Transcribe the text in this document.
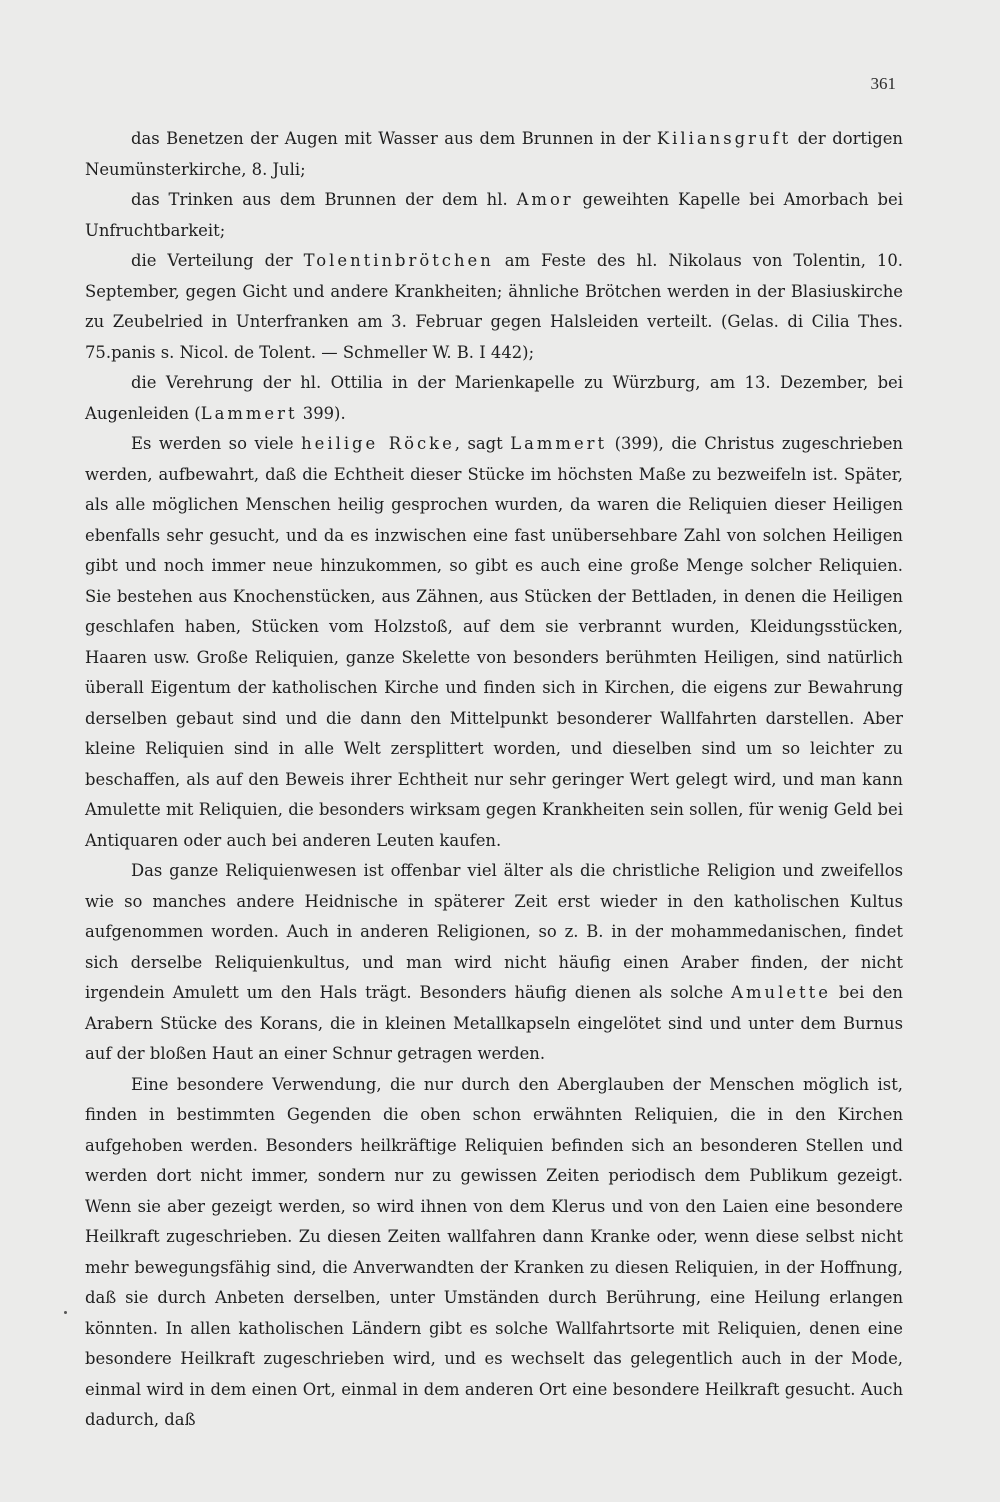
361

das Benetzen der Augen mit Wasser aus dem Brunnen in der Kiliansgruft der dortigen Neumünsterkirche, 8. Juli;

das Trinken aus dem Brunnen der dem hl. Amor geweihten Kapelle bei Amorbach bei Unfruchtbarkeit;

die Verteilung der Tolentinbrötchen am Feste des hl. Nikolaus von Tolentin, 10. September, gegen Gicht und andere Krankheiten; ähnliche Brötchen werden in der Blasiuskirche zu Zeubelried in Unterfranken am 3. Februar gegen Halsleiden verteilt. (Gelas. di Cilia Thes. 75.panis s. Nicol. de Tolent. — Schmeller W. B. I 442);

die Verehrung der hl. Ottilia in der Marienkapelle zu Würzburg, am 13. Dezember, bei Augenleiden (Lammert 399).

Es werden so viele heilige Röcke, sagt Lammert (399), die Christus zugeschrieben werden, aufbewahrt, daß die Echtheit dieser Stücke im höchsten Maße zu bezweifeln ist. Später, als alle möglichen Menschen heilig gesprochen wurden, da waren die Reliquien dieser Heiligen ebenfalls sehr gesucht, und da es inzwischen eine fast unübersehbare Zahl von solchen Heiligen gibt und noch immer neue hinzukommen, so gibt es auch eine große Menge solcher Reliquien. Sie bestehen aus Knochenstücken, aus Zähnen, aus Stücken der Bettladen, in denen die Heiligen geschlafen haben, Stücken vom Holzstoß, auf dem sie verbrannt wurden, Kleidungsstücken, Haaren usw. Große Reliquien, ganze Skelette von besonders berühmten Heiligen, sind natürlich überall Eigentum der katholischen Kirche und finden sich in Kirchen, die eigens zur Bewahrung derselben gebaut sind und die dann den Mittelpunkt besonderer Wallfahrten darstellen. Aber kleine Reliquien sind in alle Welt zersplittert worden, und dieselben sind um so leichter zu beschaffen, als auf den Beweis ihrer Echtheit nur sehr geringer Wert gelegt wird, und man kann Amulette mit Reliquien, die besonders wirksam gegen Krankheiten sein sollen, für wenig Geld bei Antiquaren oder auch bei anderen Leuten kaufen.

Das ganze Reliquienwesen ist offenbar viel älter als die christliche Religion und zweifellos wie so manches andere Heidnische in späterer Zeit erst wieder in den katholischen Kultus aufgenommen worden. Auch in anderen Religionen, so z. B. in der mohammedanischen, findet sich derselbe Reliquienkultus, und man wird nicht häufig einen Araber finden, der nicht irgendein Amulett um den Hals trägt. Besonders häufig dienen als solche Amulette bei den Arabern Stücke des Korans, die in kleinen Metallkapseln eingelötet sind und unter dem Burnus auf der bloßen Haut an einer Schnur getragen werden.

Eine besondere Verwendung, die nur durch den Aberglauben der Menschen möglich ist, finden in bestimmten Gegenden die oben schon erwähnten Reliquien, die in den Kirchen aufgehoben werden. Besonders heilkräftige Reliquien befinden sich an besonderen Stellen und werden dort nicht immer, sondern nur zu gewissen Zeiten periodisch dem Publikum gezeigt. Wenn sie aber gezeigt werden, so wird ihnen von dem Klerus und von den Laien eine besondere Heilkraft zugeschrieben. Zu diesen Zeiten wallfahren dann Kranke oder, wenn diese selbst nicht mehr bewegungsfähig sind, die Anverwandten der Kranken zu diesen Reliquien, in der Hoffnung, daß sie durch Anbeten derselben, unter Umständen durch Berührung, eine Heilung erlangen könnten. In allen katholischen Ländern gibt es solche Wallfahrtsorte mit Reliquien, denen eine besondere Heilkraft zugeschrieben wird, und es wechselt das gelegentlich auch in der Mode, einmal wird in dem einen Ort, einmal in dem anderen Ort eine besondere Heilkraft gesucht. Auch dadurch, daß
